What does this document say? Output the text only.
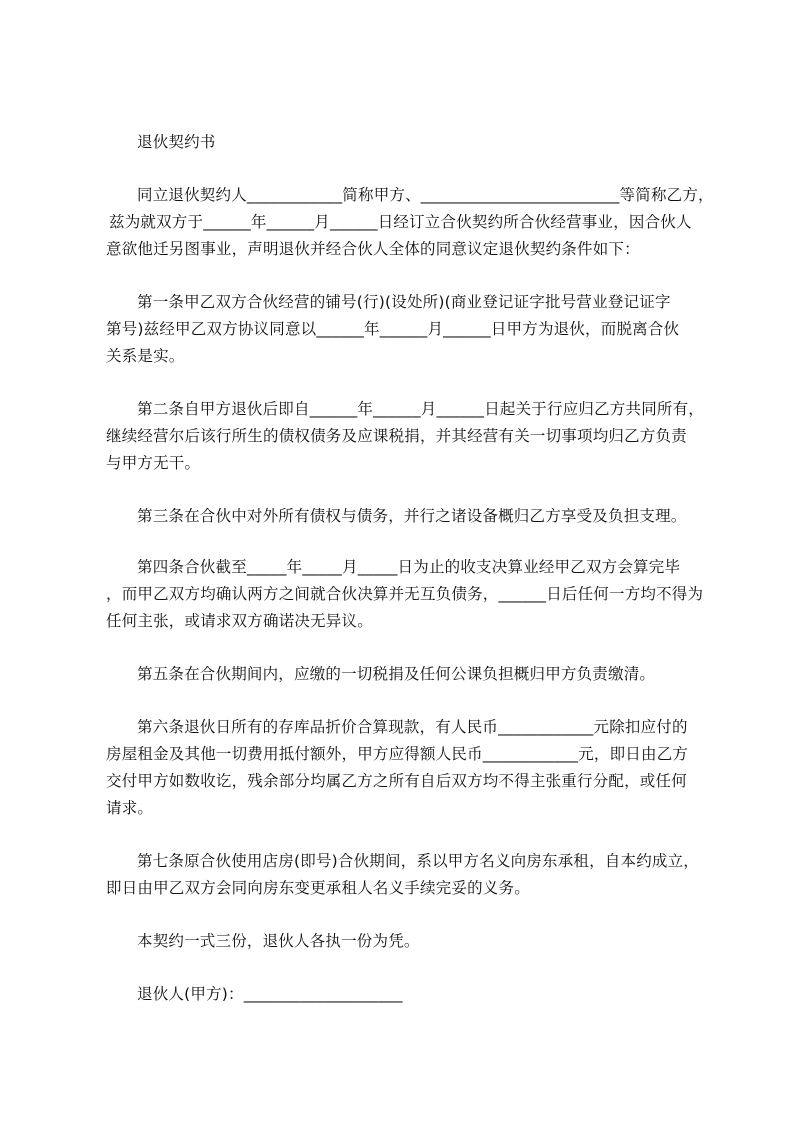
退伙契约书
同立退伙契约人____________简称甲方、_________________________等简称乙方，
兹为就双方于______年______月______日经订立合伙契约所合伙经营事业，因合伙人
意欲他迁另图事业，声明退伙并经合伙人全体的同意议定退伙契约条件如下：
第一条甲乙双方合伙经营的铺号(行)(设处所)(商业登记证字批号营业登记证字
第号)兹经甲乙双方协议同意以______年______月______日甲方为退伙，而脱离合伙
关系是实。
第二条自甲方退伙后即自______年______月______日起关于行应归乙方共同所有，
继续经营尔后该行所生的债权债务及应课税捐，并其经营有关一切事项均归乙方负责
与甲方无干。
第三条在合伙中对外所有债权与债务，并行之诸设备概归乙方享受及负担支理。
第四条合伙截至_____年_____月_____日为止的收支决算业经甲乙双方会算完毕
，而甲乙双方均确认两方之间就合伙决算并无互负债务，______日后任何一方均不得为
任何主张，或请求双方确诺决无异议。
第五条在合伙期间内，应缴的一切税捐及任何公课负担概归甲方负责缴清。
第六条退伙日所有的存库品折价合算现款，有人民币____________元除扣应付的
房屋租金及其他一切费用抵付额外，甲方应得额人民币____________元，即日由乙方
交付甲方如数收讫，残余部分均属乙方之所有自后双方均不得主张重行分配，或任何
请求。
第七条原合伙使用店房(即号)合伙期间，系以甲方名义向房东承租，自本约成立，
即日由甲乙双方会同向房东变更承租人名义手续完妥的义务。
本契约一式三份，退伙人各执一份为凭。
退伙人(甲方)：____________________
